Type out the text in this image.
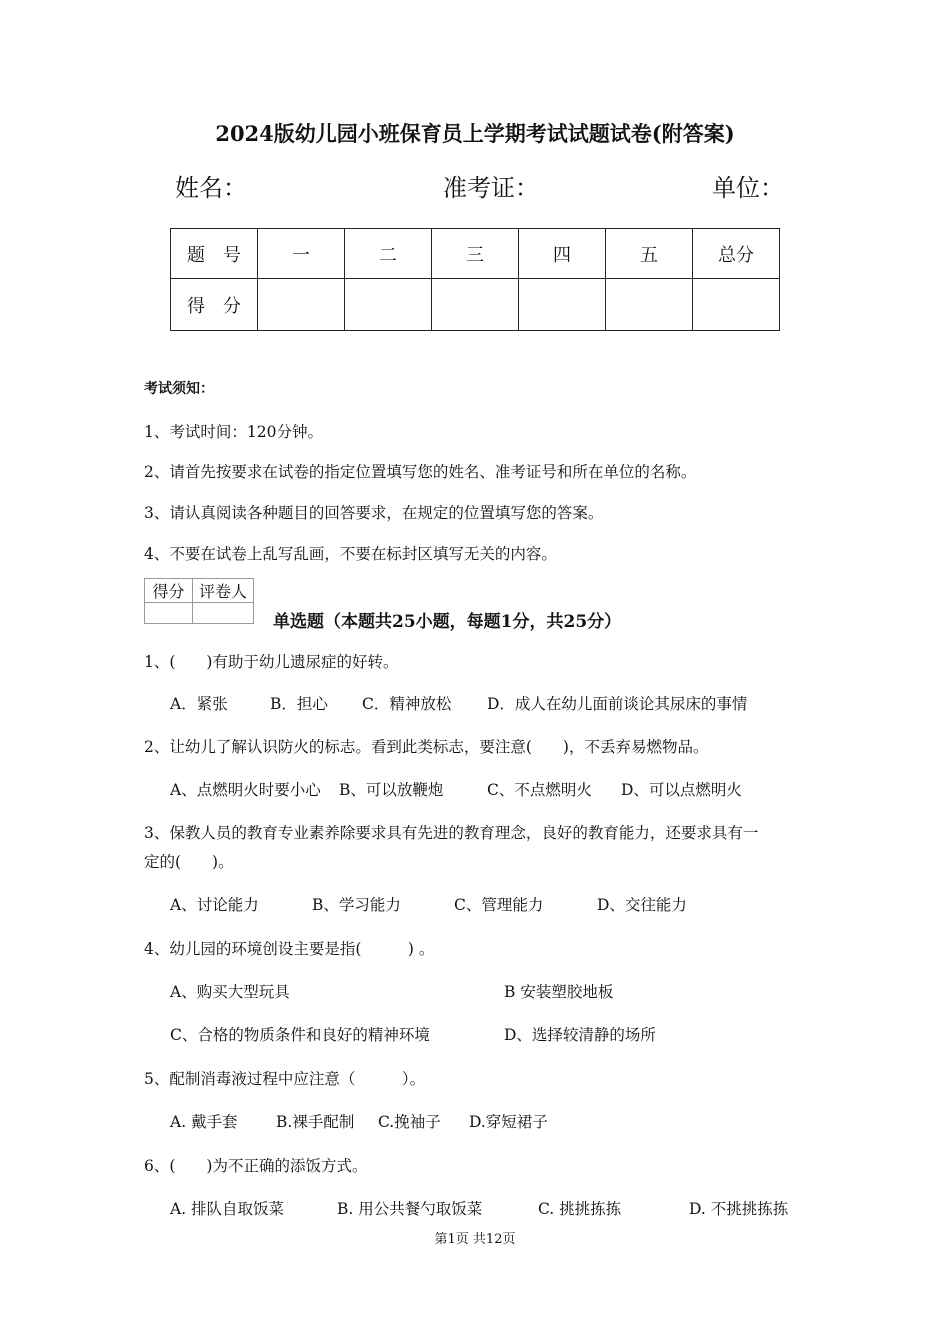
2024版幼儿园小班保育员上学期考试试题试卷(附答案)
姓名：	准考证：	单位：
题　号	一	二	三	四	五	总分
得　分						
考试须知：
1、考试时间：120分钟。
2、请首先按要求在试卷的指定位置填写您的姓名、准考证号和所在单位的名称。
3、请认真阅读各种题目的回答要求，在规定的位置填写您的答案。
4、不要在试卷上乱写乱画，不要在标封区填写无关的内容。
得分	评卷人

单选题（本题共25小题，每题1分，共25分）
1、(　　)有助于幼儿遗尿症的好转。
A．紧张	B．担心 C．精神放松 D．成人在幼儿面前谈论其尿床的事情
2、让幼儿了解认识防火的标志。看到此类标志，要注意(　　)，不丢弃易燃物品。
A、点燃明火时要小心 B、可以放鞭炮	C、不点燃明火 D、可以点燃明火
3、保教人员的教育专业素养除要求具有先进的教育理念，良好的教育能力，还要求具有一
定的(　　)。
A、讨论能力	B、学习能力	C、管理能力	D、交往能力
4、幼儿园的环境创设主要是指(　　　) 。
A、购买大型玩具	B 安装塑胶地板
C、合格的物质条件和良好的精神环境	D、选择较清静的场所
5、配制消毒液过程中应注意（　　　）。
A. 戴手套 B.裸手配制 C.挽袖子 D.穿短裙子
6、(　　)为不正确的添饭方式。
A. 排队自取饭菜	B. 用公共餐勺取饭菜	C. 挑挑拣拣	D. 不挑挑拣拣
第1页 共12页
